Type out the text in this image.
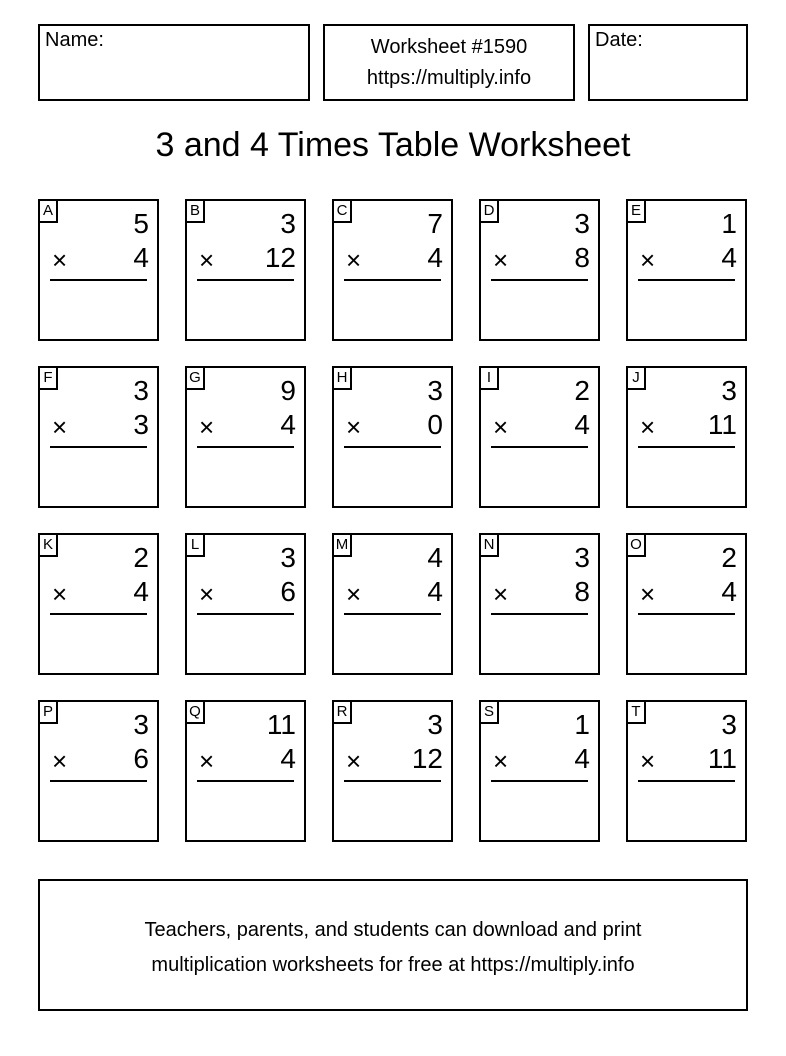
Name:	Worksheet #1590
https://multiply.info
Date:
3 and 4 Times Table Worksheet
A	5
× 4
B	3
× 12
C	7
× 4
D	3
× 8
E	1
× 4
F	3
× 3
G	9
× 4
H	3
× 0
I	2
× 4
J	3
× 11
K	2
× 4
L	3
× 6
M	4
× 4
N	3
× 8
O	2
× 4
P	3
× 6
Q 11
× 4
R	3
× 12
S	1
× 4
T	3
× 11
Teachers, parents, and students can download and print
multiplication worksheets for free at https://multiply.info
